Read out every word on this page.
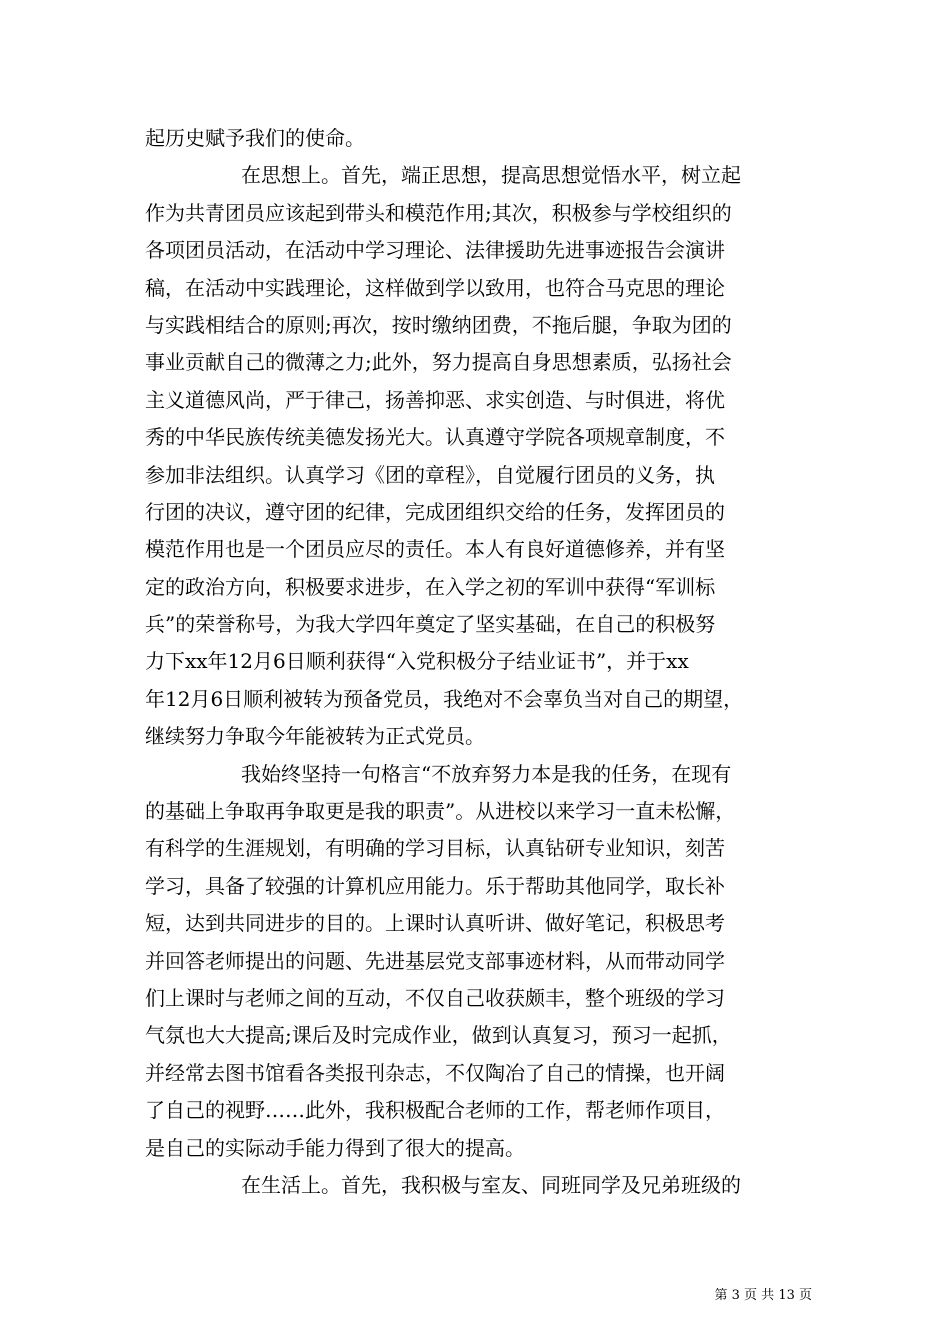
起历史赋予我们的使命。
在思想上。首先，端正思想，提高思想觉悟水平，树立起
作为共青团员应该起到带头和模范作用;其次，积极参与学校组织的
各项团员活动，在活动中学习理论、法律援助先进事迹报告会演讲
稿，在活动中实践理论，这样做到学以致用，也符合马克思的理论
与实践相结合的原则;再次，按时缴纳团费，不拖后腿，争取为团的
事业贡献自己的微薄之力;此外，努力提高自身思想素质，弘扬社会
主义道德风尚，严于律己，扬善抑恶、求实创造、与时俱进，将优
秀的中华民族传统美德发扬光大。认真遵守学院各项规章制度，不
参加非法组织。认真学习《团的章程》，自觉履行团员的义务，执
行团的决议，遵守团的纪律，完成团组织交给的任务，发挥团员的
模范作用也是一个团员应尽的责任。本人有良好道德修养，并有坚
定的政治方向，积极要求进步，在入学之初的军训中获得“军训标
兵”的荣誉称号，为我大学四年奠定了坚实基础，在自己的积极努
力下xx年12月6日顺利获得“入党积极分子结业证书”，并于xx
年12月6日顺利被转为预备党员，我绝对不会辜负当对自己的期望，
继续努力争取今年能被转为正式党员。
我始终坚持一句格言“不放弃努力本是我的任务，在现有
的基础上争取再争取更是我的职责”。从进校以来学习一直未松懈，
有科学的生涯规划，有明确的学习目标，认真钻研专业知识，刻苦
学习，具备了较强的计算机应用能力。乐于帮助其他同学，取长补
短，达到共同进步的目的。上课时认真听讲、做好笔记，积极思考
并回答老师提出的问题、先进基层党支部事迹材料，从而带动同学
们上课时与老师之间的互动，不仅自己收获颇丰，整个班级的学习
气氛也大大提高;课后及时完成作业，做到认真复习，预习一起抓，
并经常去图书馆看各类报刊杂志，不仅陶冶了自己的情操，也开阔
了自己的视野……此外，我积极配合老师的工作，帮老师作项目，
是自己的实际动手能力得到了很大的提高。
在生活上。首先，我积极与室友、同班同学及兄弟班级的
第 3 页 共 13 页
